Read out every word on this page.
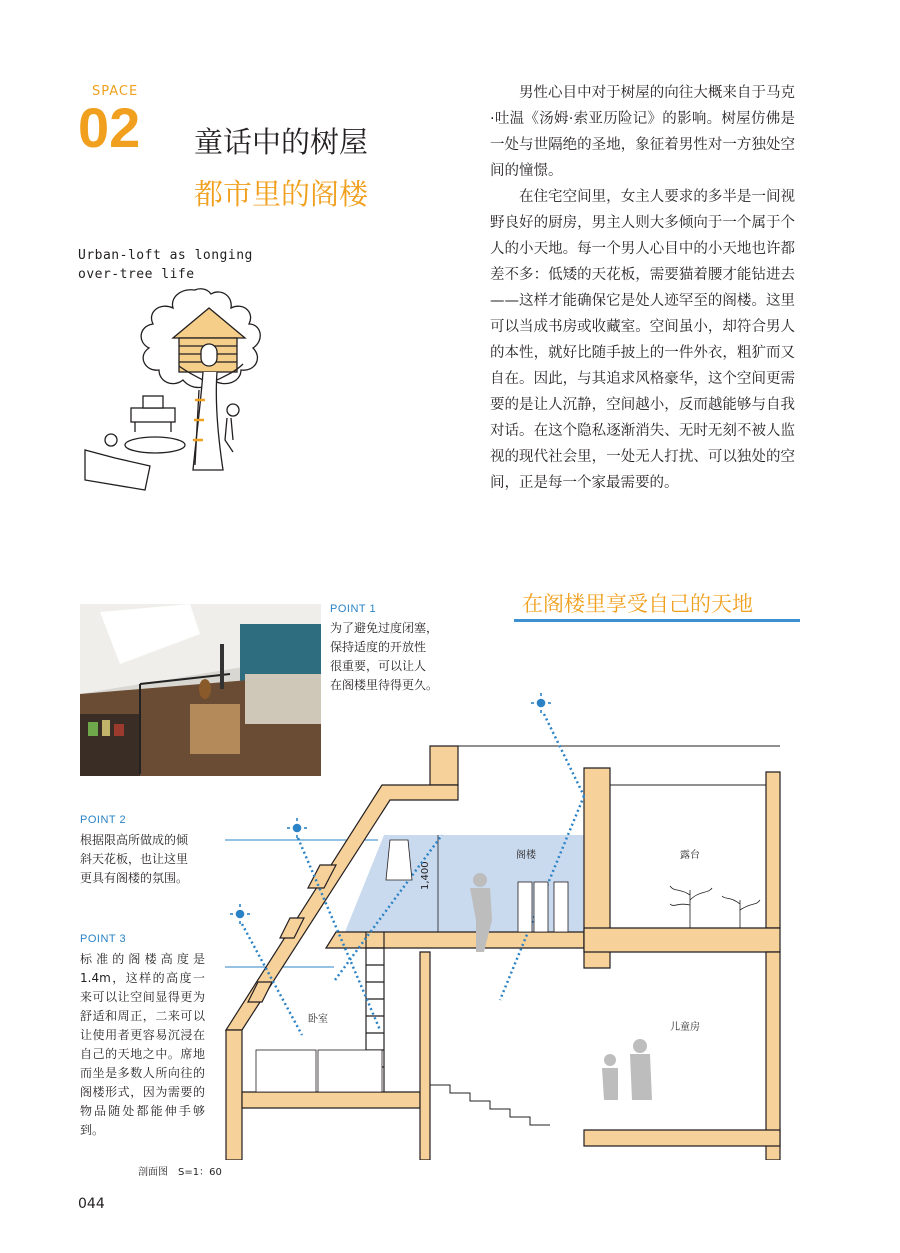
SPACE
02 童话中的树屋
都市里的阁楼
Urban-loft as longing
over-tree life

男性心目中对于树屋的向往大概来自于马克·吐温《汤姆·索亚历险记》的影响。树屋仿佛是一处与世隔绝的圣地，象征着男性对一方独处空间的憧憬。

在住宅空间里，女主人要求的多半是一间视野良好的厨房，男主人则大多倾向于一个属于个人的小天地。每一个男人心目中的小天地也许都差不多：低矮的天花板，需要猫着腰才能钻进去——这样才能确保它是处人迹罕至的阁楼。这里可以当成书房或收藏室。空间虽小，却符合男人的本性，就好比随手披上的一件外衣，粗犷而又自在。因此，与其追求风格豪华，这个空间更需要的是让人沉静，空间越小，反而越能够与自我对话。在这个隐私逐渐消失、无时无刻不被人监视的现代社会里，一处无人打扰、可以独处的空间，正是每一个家最需要的。

在阁楼里享受自己的天地
POINT 1
为了避免过度闭塞，
保持适度的开放性
很重要，可以让人
在阁楼里待得更久。
POINT 2
根据限高所做成的倾
斜天花板，也让这里
更具有阁楼的氛围。
POINT 3
标准的阁楼高度是1.4m，这样的高度一来可以让空间显得更为舒适和周正，二来可以让使用者更容易沉浸在自己的天地之中。席地而坐是多数人所向往的阁楼形式，因为需要的物品随处都能伸手够到。
1,400
阁楼	露台
卧室
儿童房
剖面图　S=1：60
044
